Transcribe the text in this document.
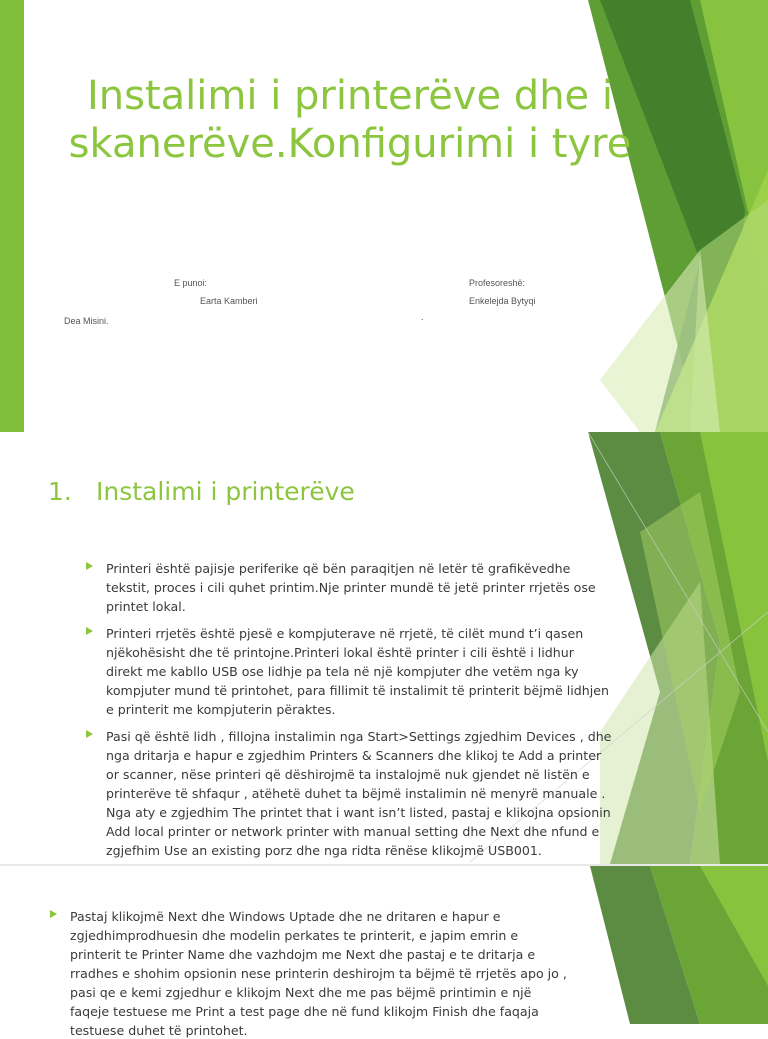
Instalimi i printerëve dhe i
skanerëve.Konfigurimi i tyre
E punoi:
Earta Kamberi
Dea Misini.
Profesoreshë:
Enkelejda Bytyqi
.
1. Instalimi i printerëve
Printeri është pajisje periferike që bën paraqitjen në letër të grafikëvedhe tekstit, proces i cili quhet printim.Nje printer mundë të jetë printer rrjetës ose printet lokal.
Printeri rrjetës është pjesë e kompjuterave në rrjetë, të cilët mund t’i qasen njëkohësisht dhe të printojne.Printeri lokal është printer i cili është i lidhur direkt me kabllo USB ose lidhje pa tela në një kompjuter dhe vetëm nga ky kompjuter mund të printohet, para fillimit të instalimit të printerit bëjmë lidhjen e printerit me kompjuterin përaktes.
Pasi që është lidh , fillojna instalimin nga Start>Settings zgjedhim Devices , dhe nga dritarja e hapur e zgjedhim Printers & Scanners dhe klikoj te Add a printer or scanner, nëse printeri që dëshirojmë ta instalojmë nuk gjendet në listën e printerëve të shfaqur , atëhetë duhet ta bëjmë instalimin në menyrë manuale . Nga aty e zgjedhim The printet that i want isn’t listed, pastaj e klikojna opsionin Add local printer or network printer with manual setting dhe Next dhe nfund e zgjefhim Use an existing porz dhe nga ridta rënëse klikojmë USB001.
Pastaj klikojmë Next dhe Windows Uptade dhe ne dritaren e hapur e zgjedhimprodhuesin dhe modelin perkates te printerit, e japim emrin e printerit te Printer Name dhe vazhdojm me Next dhe pastaj e te dritarja e rradhes e shohim opsionin nese printerin deshirojm ta bëjmë të rrjetës apo jo , pasi qe e kemi zgjedhur e klikojm Next dhe me pas bëjmë printimin e një faqeje testuese me Print a test page dhe në fund klikojm Finish dhe faqaja testuese duhet të printohet.
